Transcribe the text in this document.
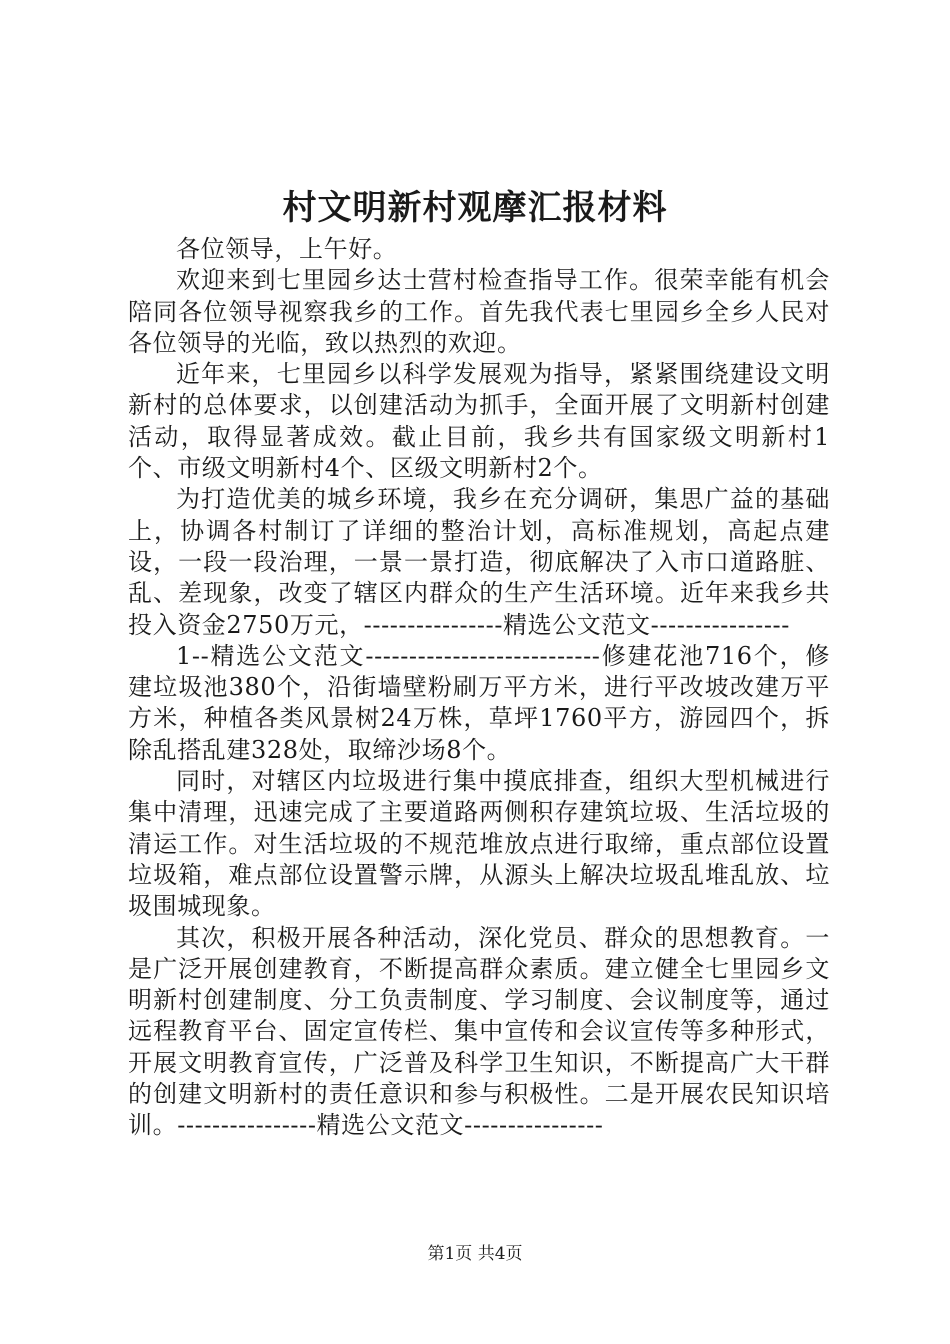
村文明新村观摩汇报材料

各位领导，上午好。

欢迎来到七里园乡达士营村检查指导工作。很荣幸能有机会陪同各位领导视察我乡的工作。首先我代表七里园乡全乡人民对各位领导的光临，致以热烈的欢迎。

近年来，七里园乡以科学发展观为指导，紧紧围绕建设文明新村的总体要求，以创建活动为抓手，全面开展了文明新村创建活动，取得显著成效。截止目前，我乡共有国家级文明新村1个、市级文明新村4个、区级文明新村2个。

为打造优美的城乡环境，我乡在充分调研，集思广益的基础上，协调各村制订了详细的整治计划，高标准规划，高起点建设，一段一段治理，一景一景打造，彻底解决了入市口道路脏、乱、差现象，改变了辖区内群众的生产生活环境。近年来我乡共投入资金2750万元，----------------精选公文范文----------------

1--精选公文范文---------------------------修建花池716个，修建垃圾池380个，沿街墙壁粉刷万平方米，进行平改坡改建万平方米，种植各类风景树24万株，草坪1760平方，游园四个，拆除乱搭乱建328处，取缔沙场8个。

同时，对辖区内垃圾进行集中摸底排查，组织大型机械进行集中清理，迅速完成了主要道路两侧积存建筑垃圾、生活垃圾的清运工作。对生活垃圾的不规范堆放点进行取缔，重点部位设置垃圾箱，难点部位设置警示牌，从源头上解决垃圾乱堆乱放、垃圾围城现象。

其次，积极开展各种活动，深化党员、群众的思想教育。一是广泛开展创建教育，不断提高群众素质。建立健全七里园乡文明新村创建制度、分工负责制度、学习制度、会议制度等，通过远程教育平台、固定宣传栏、集中宣传和会议宣传等多种形式，开展文明教育宣传，广泛普及科学卫生知识，不断提高广大干群的创建文明新村的责任意识和参与积极性。二是开展农民知识培训。----------------精选公文范文----------------

第1页 共4页
